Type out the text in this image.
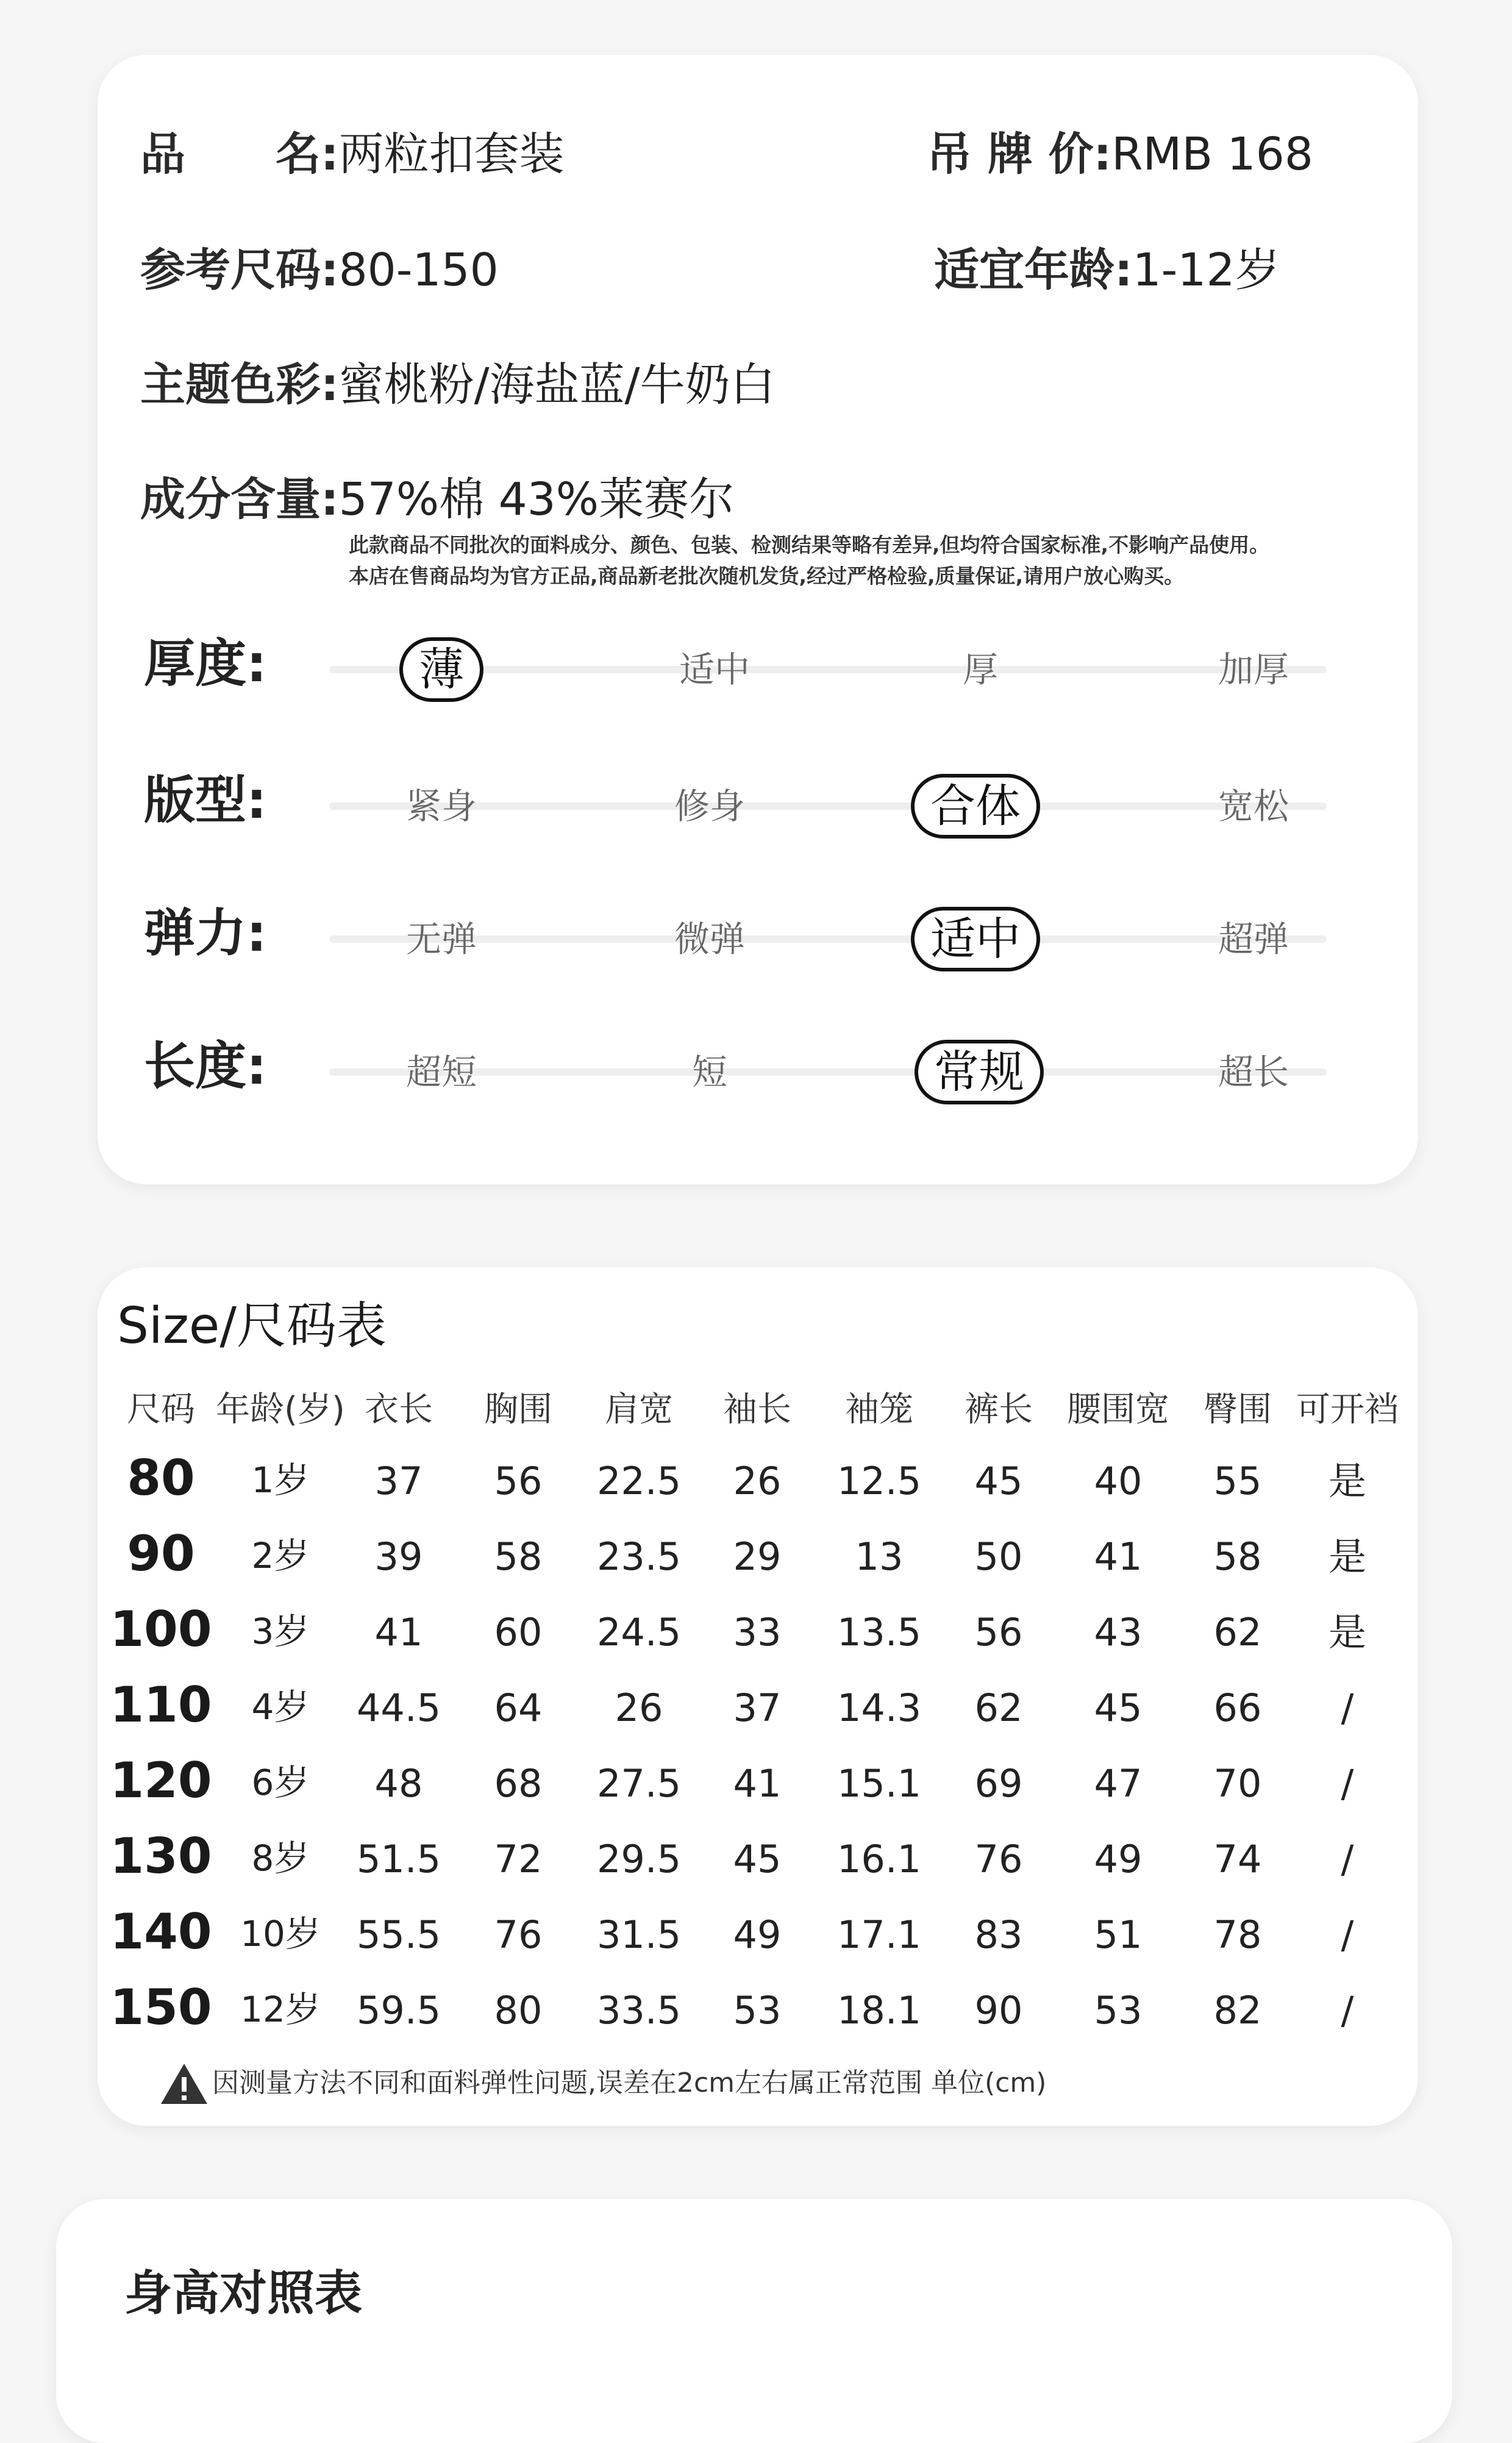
品　　名:两粒扣套装	吊 牌 价:RMB 168
参考尺码:80-150	适宜年龄:1-12岁
主题色彩:蜜桃粉/海盐蓝/牛奶白
成分含量:57%棉 43%莱赛尔
此款商品不同批次的面料成分、颜色、包装、检测结果等略有差异,但均符合国家标准,不影响产品使用。
本店在售商品均为官方正品,商品新老批次随机发货,经过严格检验,质量保证,请用户放心购买。
厚度:	薄	适中	厚	加厚
版型:	紧身	修身	合体	宽松
弹力:	无弹	微弹	适中	超弹
长度:	超短	短	常规	超长
Size/尺码表
尺码 年龄(岁) 衣长 胸围 肩宽 袖长 袖笼 裤长 腰围宽 臀围 可开裆
80 1岁 37 56 22.5 26 12.5 45 40 55 是
90 2岁 39 58 23.5 29 13 50 41 58 是
100 3岁 41 60 24.5 33 13.5 56 43 62 是
110 4岁 44.5 64 26 37 14.3 62 45 66 /
120 6岁 48 68 27.5 41 15.1 69 47 70 /
130 8岁 51.5 72 29.5 45 16.1 76 49 74 /
140 10岁 55.5 76 31.5 49 17.1 83 51 78 /
150 12岁 59.5 80 33.5 53 18.1 90 53 82 /
因测量方法不同和面料弹性问题,误差在2cm左右属正常范围 单位(cm)
身高对照表
